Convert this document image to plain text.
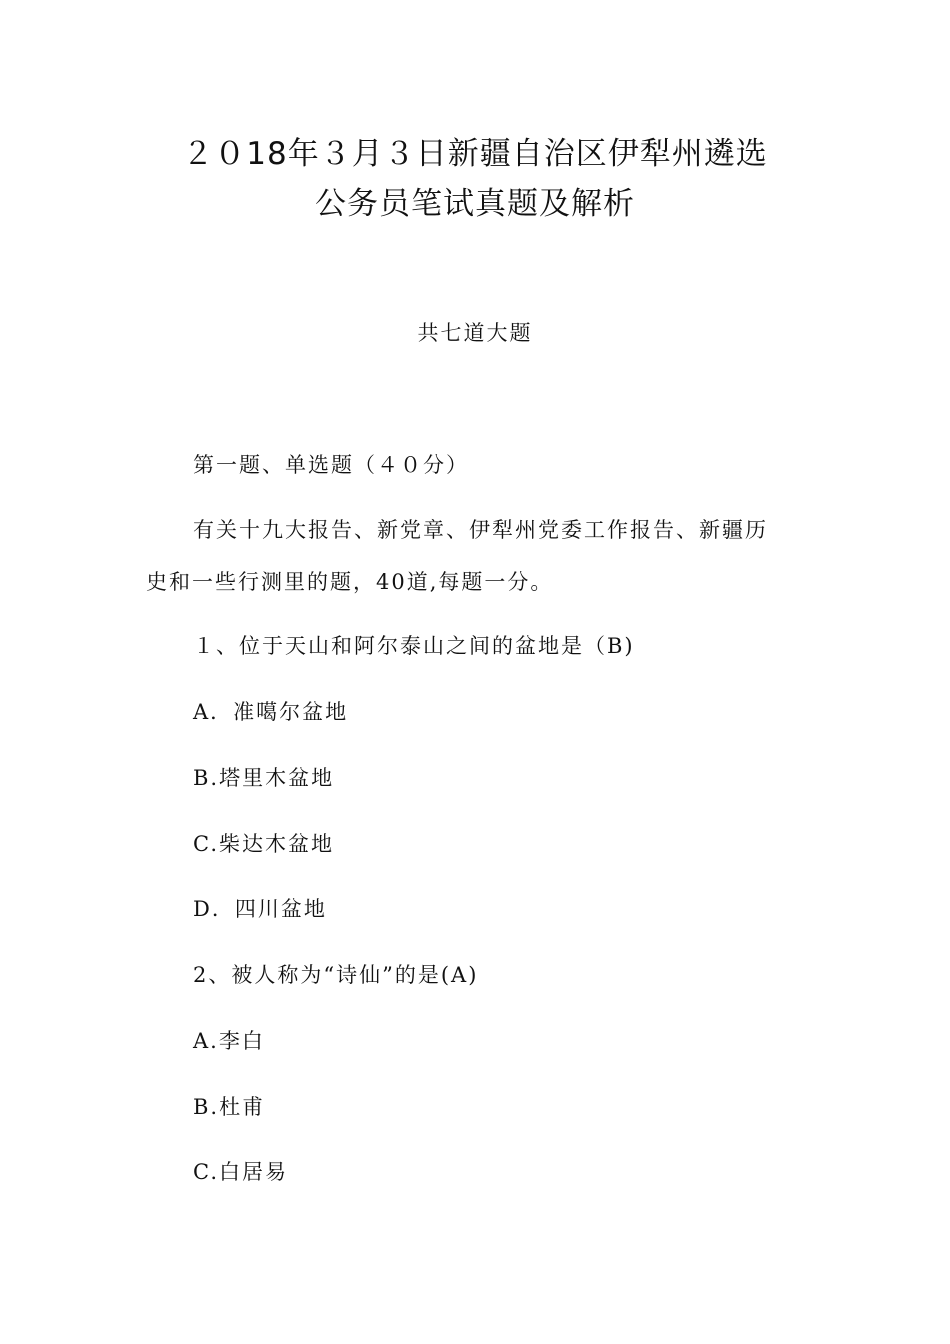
２０18年３月３日新疆自治区伊犁州遴选
公务员笔试真题及解析
共七道大题
第一题、单选题（４０分）
有关十九大报告、新党章、伊犁州党委工作报告、新疆历
史和一些行测里的题，40道,每题一分。
１、位于天山和阿尔泰山之间的盆地是（B)
A．准噶尔盆地
B.塔里木盆地
C.柴达木盆地
D．四川盆地
2、被人称为“诗仙”的是(A)
A.李白
B.杜甫
C.白居易
